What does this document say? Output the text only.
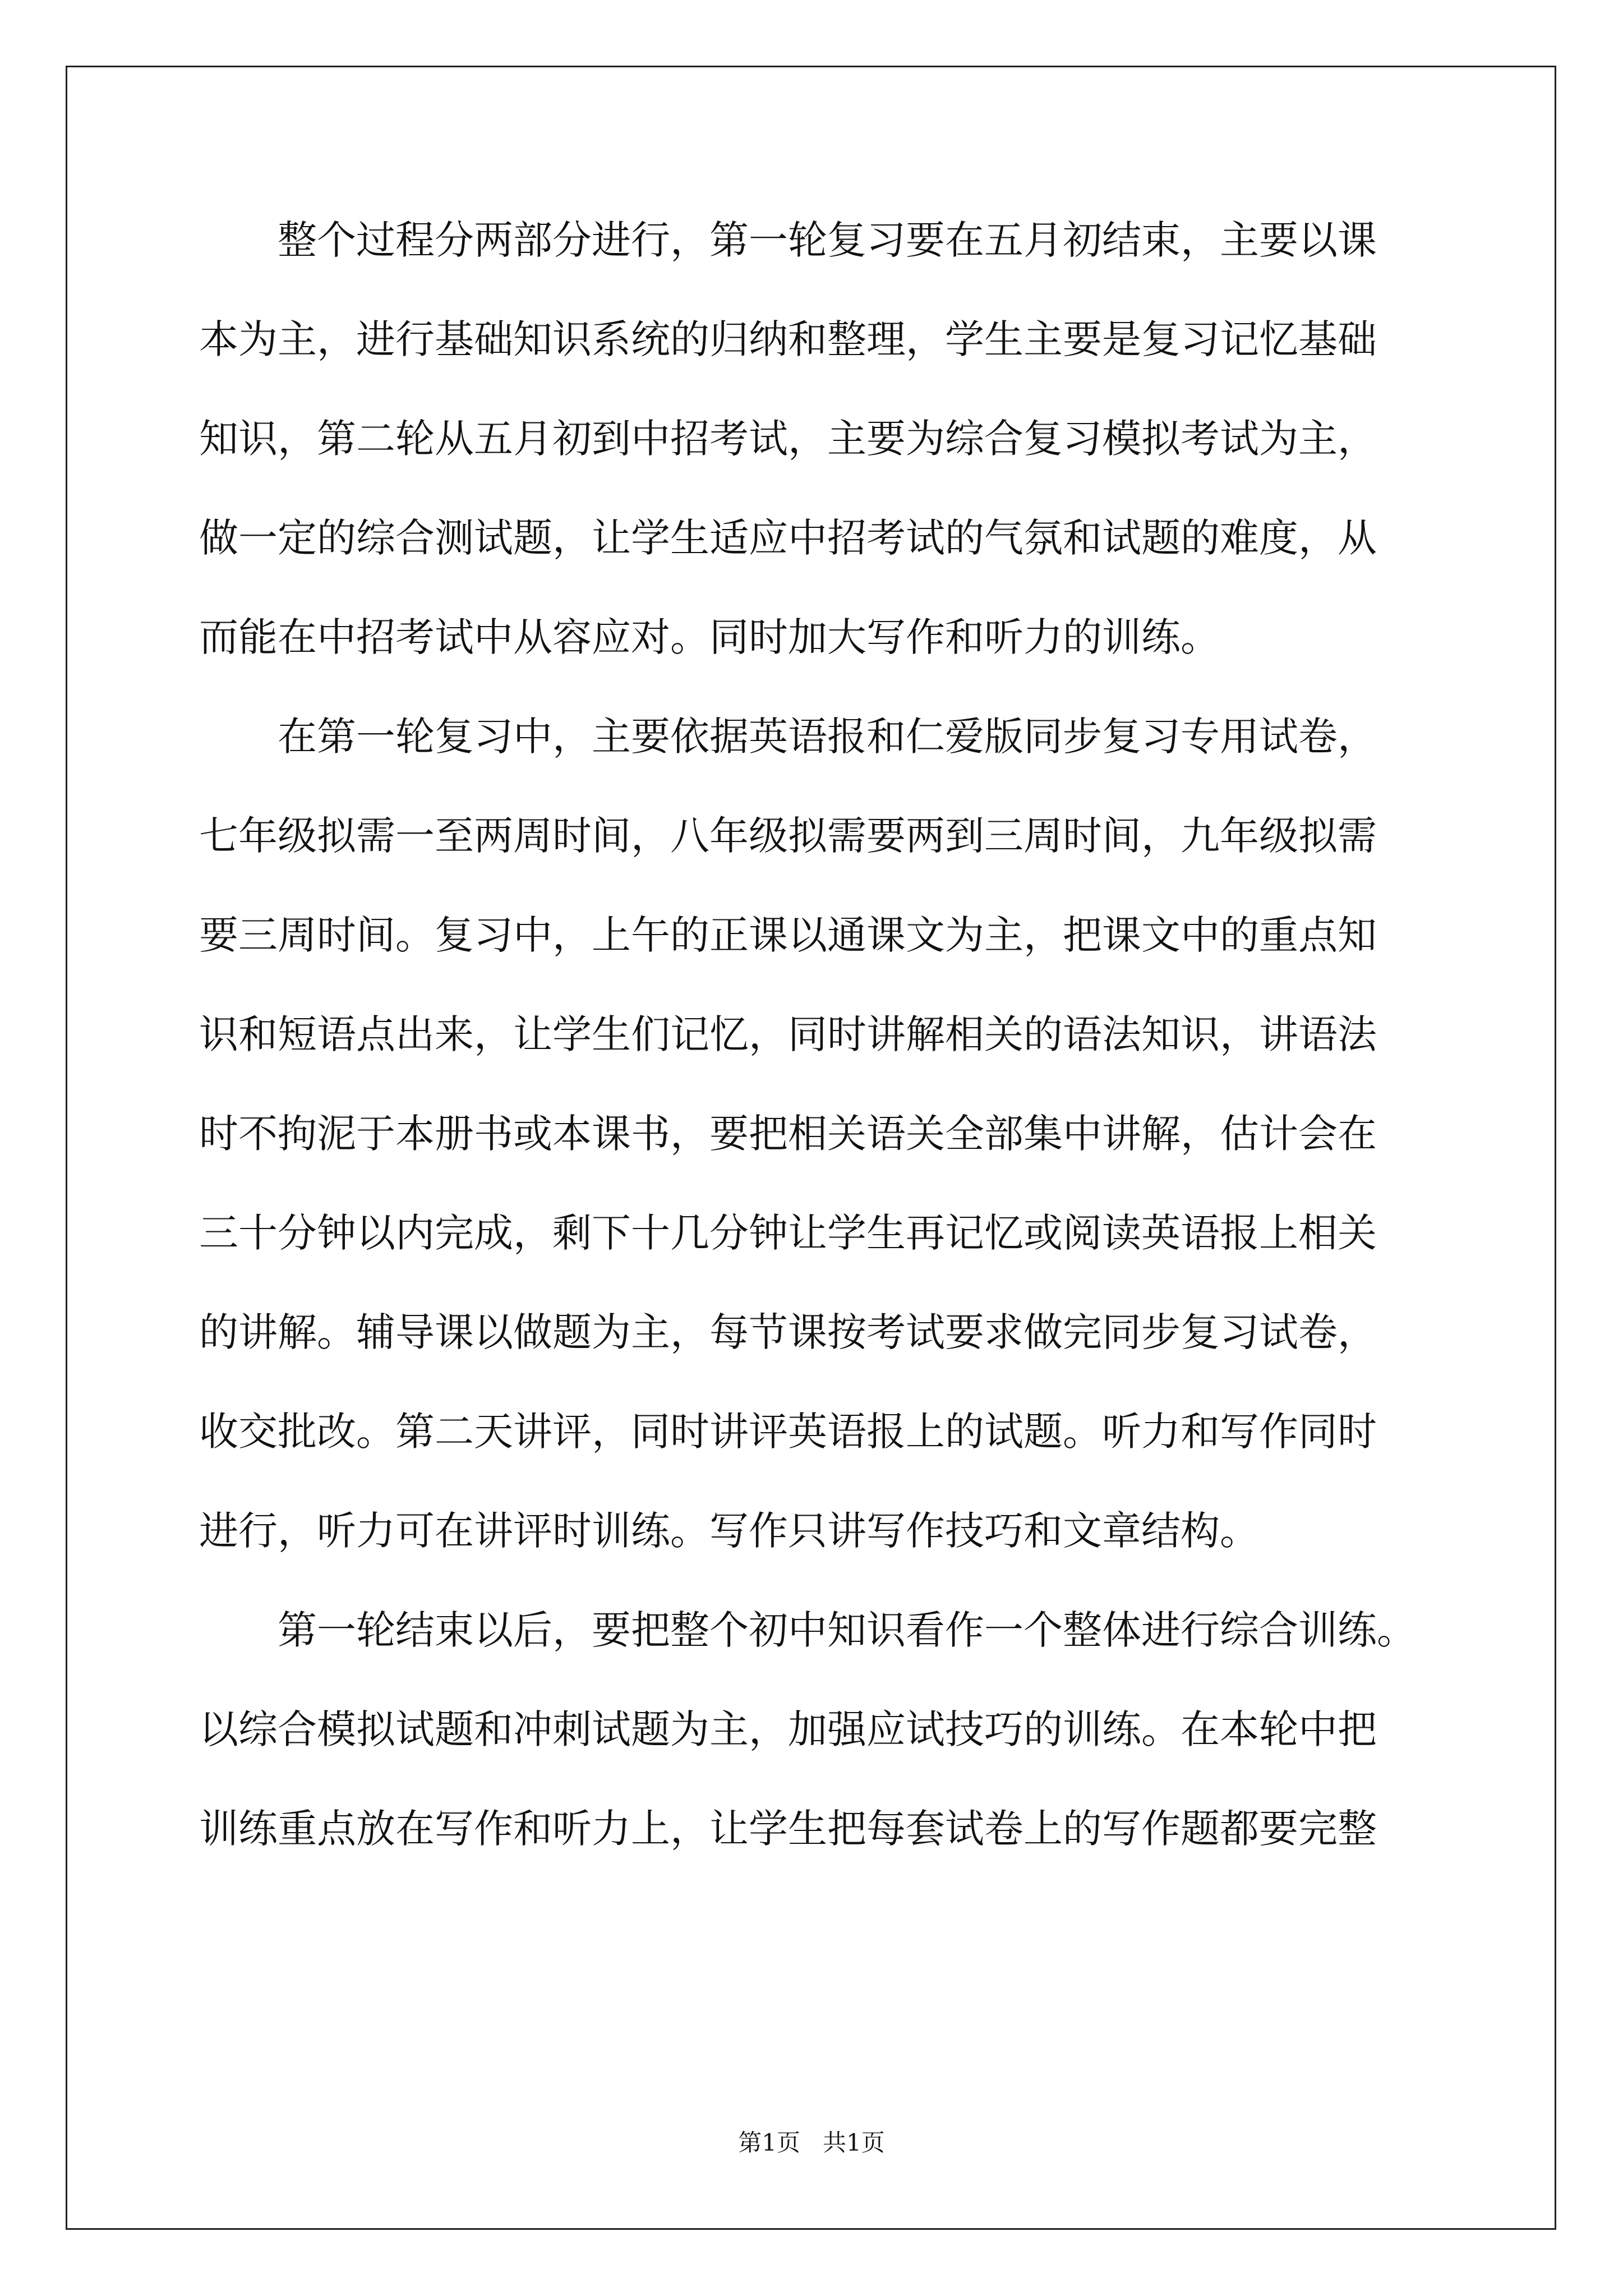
整个过程分两部分进行，第一轮复习要在五月初结束，主要以课
本为主，进行基础知识系统的归纳和整理，学生主要是复习记忆基础
知识，第二轮从五月初到中招考试，主要为综合复习模拟考试为主，
做一定的综合测试题，让学生适应中招考试的气氛和试题的难度，从
而能在中招考试中从容应对。同时加大写作和听力的训练。
在第一轮复习中，主要依据英语报和仁爱版同步复习专用试卷，
七年级拟需一至两周时间，八年级拟需要两到三周时间，九年级拟需
要三周时间。复习中，上午的正课以通课文为主，把课文中的重点知
识和短语点出来，让学生们记忆，同时讲解相关的语法知识，讲语法
时不拘泥于本册书或本课书，要把相关语关全部集中讲解，估计会在
三十分钟以内完成，剩下十几分钟让学生再记忆或阅读英语报上相关
的讲解。辅导课以做题为主，每节课按考试要求做完同步复习试卷，
收交批改。第二天讲评，同时讲评英语报上的试题。听力和写作同时
进行，听力可在讲评时训练。写作只讲写作技巧和文章结构。
第一轮结束以后，要把整个初中知识看作一个整体进行综合训练。
以综合模拟试题和冲刺试题为主，加强应试技巧的训练。在本轮中把
训练重点放在写作和听力上，让学生把每套试卷上的写作题都要完整
第1页   共1页
